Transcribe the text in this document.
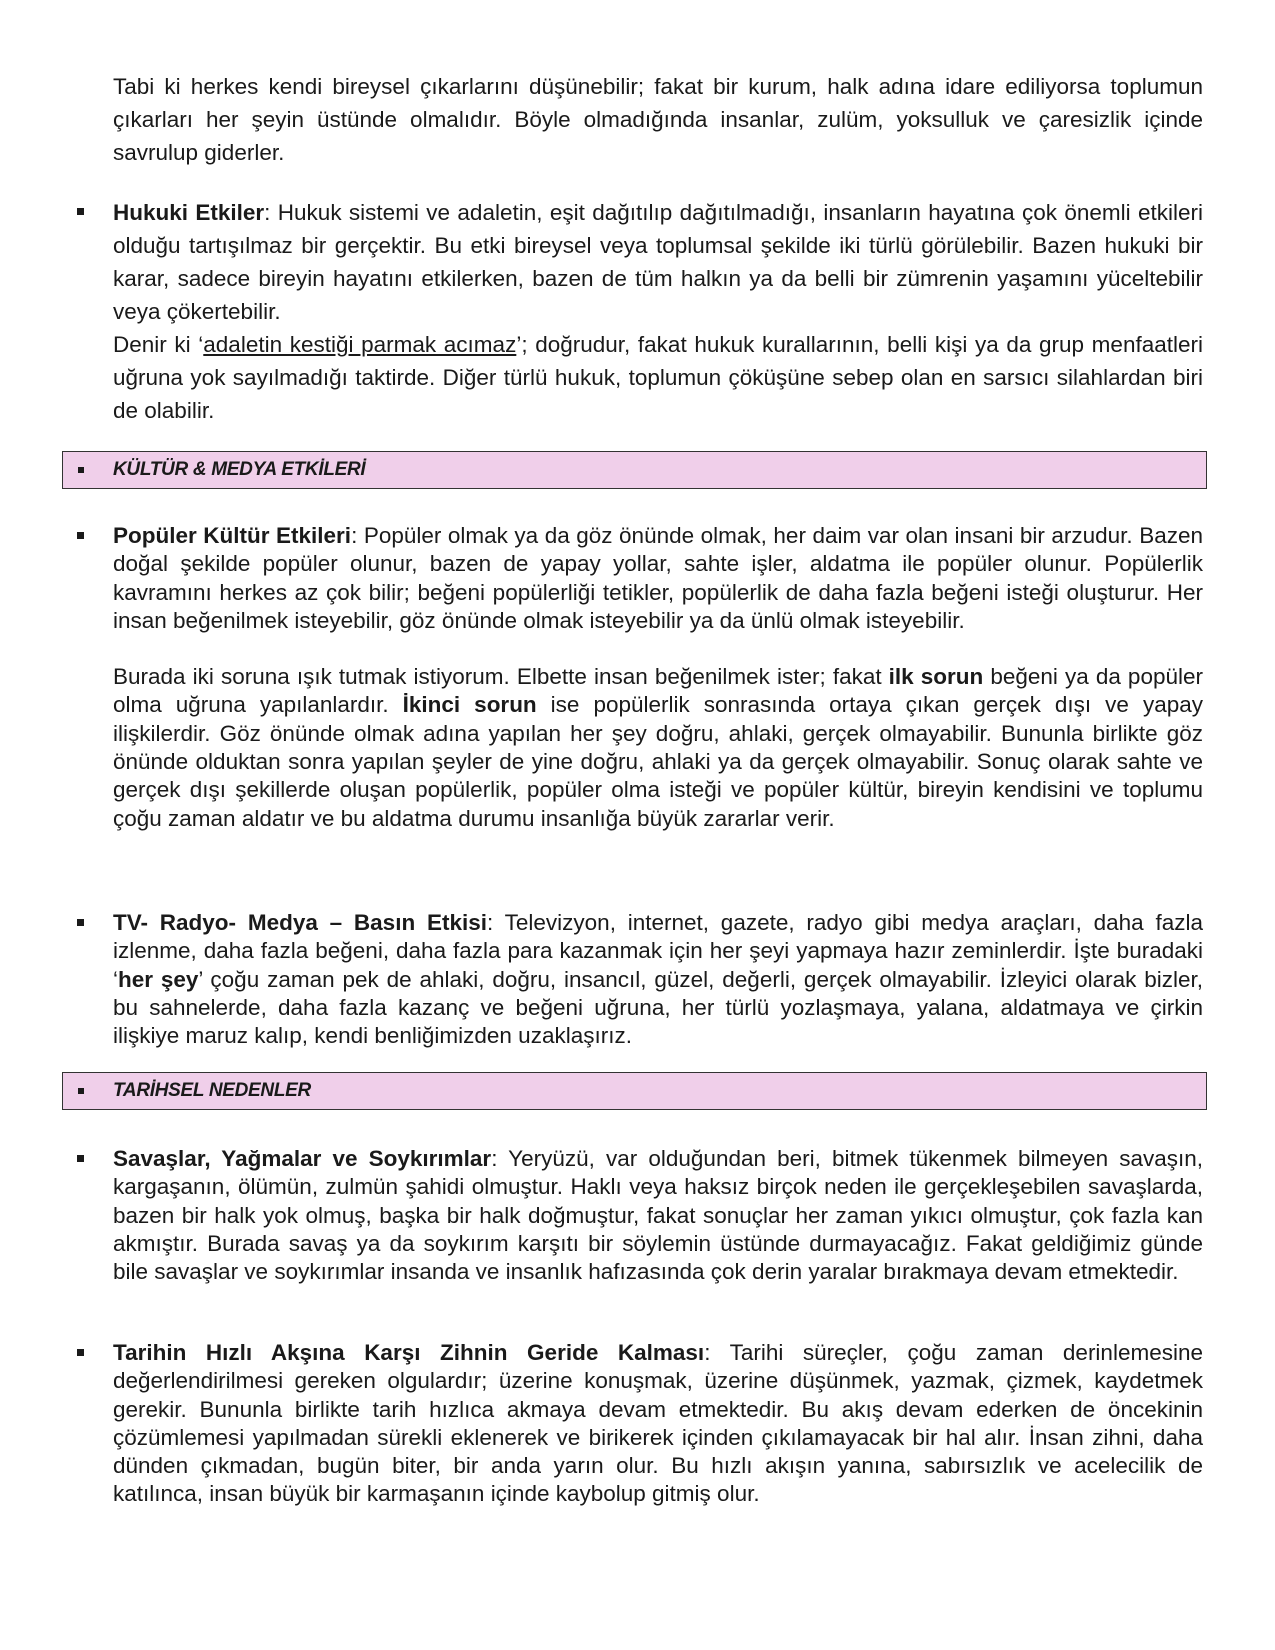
Tabi ki herkes kendi bireysel çıkarlarını düşünebilir; fakat bir kurum, halk adına idare ediliyorsa toplumun çıkarları her şeyin üstünde olmalıdır. Böyle olmadığında insanlar, zulüm, yoksulluk ve çaresizlik içinde savrulup giderler.

Hukuki Etkiler: Hukuk sistemi ve adaletin, eşit dağıtılıp dağıtılmadığı, insanların hayatına çok önemli etkileri olduğu tartışılmaz bir gerçektir. Bu etki bireysel veya toplumsal şekilde iki türlü görülebilir. Bazen hukuki bir karar, sadece bireyin hayatını etkilerken, bazen de tüm halkın ya da belli bir zümrenin yaşamını yüceltebilir veya çökertebilir.

Denir ki ‘adaletin kestiği parmak acımaz’; doğrudur, fakat hukuk kurallarının, belli kişi ya da grup menfaatleri uğruna yok sayılmadığı taktirde. Diğer türlü hukuk, toplumun çöküşüne sebep olan en sarsıcı silahlardan biri de olabilir.

KÜLTÜR & MEDYA ETKİLERİ

Popüler Kültür Etkileri: Popüler olmak ya da göz önünde olmak, her daim var olan insani bir arzudur. Bazen doğal şekilde popüler olunur, bazen de yapay yollar, sahte işler, aldatma ile popüler olunur. Popülerlik kavramını herkes az çok bilir; beğeni popülerliği tetikler, popülerlik de daha fazla beğeni isteği oluşturur. Her insan beğenilmek isteyebilir, göz önünde olmak isteyebilir ya da ünlü olmak isteyebilir.

Burada iki soruna ışık tutmak istiyorum. Elbette insan beğenilmek ister; fakat ilk sorun beğeni ya da popüler olma uğruna yapılanlardır. İkinci sorun ise popülerlik sonrasında ortaya çıkan gerçek dışı ve yapay ilişkilerdir. Göz önünde olmak adına yapılan her şey doğru, ahlaki, gerçek olmayabilir. Bununla birlikte göz önünde olduktan sonra yapılan şeyler de yine doğru, ahlaki ya da gerçek olmayabilir. Sonuç olarak sahte ve gerçek dışı şekillerde oluşan popülerlik, popüler olma isteği ve popüler kültür, bireyin kendisini ve toplumu çoğu zaman aldatır ve bu aldatma durumu insanlığa büyük zararlar verir.

TV- Radyo- Medya – Basın Etkisi: Televizyon, internet, gazete, radyo gibi medya araçları, daha fazla izlenme, daha fazla beğeni, daha fazla para kazanmak için her şeyi yapmaya hazır zeminlerdir. İşte buradaki ‘her şey’ çoğu zaman pek de ahlaki, doğru, insancıl, güzel, değerli, gerçek olmayabilir. İzleyici olarak bizler, bu sahnelerde, daha fazla kazanç ve beğeni uğruna, her türlü yozlaşmaya, yalana, aldatmaya ve çirkin ilişkiye maruz kalıp, kendi benliğimizden uzaklaşırız.

TARİHSEL NEDENLER

Savaşlar, Yağmalar ve Soykırımlar: Yeryüzü, var olduğundan beri, bitmek tükenmek bilmeyen savaşın, kargaşanın, ölümün, zulmün şahidi olmuştur. Haklı veya haksız birçok neden ile gerçekleşebilen savaşlarda, bazen bir halk yok olmuş, başka bir halk doğmuştur, fakat sonuçlar her zaman yıkıcı olmuştur, çok fazla kan akmıştır. Burada savaş ya da soykırım karşıtı bir söylemin üstünde durmayacağız. Fakat geldiğimiz günde bile savaşlar ve soykırımlar insanda ve insanlık hafızasında çok derin yaralar bırakmaya devam etmektedir.

Tarihin Hızlı Akşına Karşı Zihnin Geride Kalması: Tarihi süreçler, çoğu zaman derinlemesine değerlendirilmesi gereken olgulardır; üzerine konuşmak, üzerine düşünmek, yazmak, çizmek, kaydetmek gerekir. Bununla birlikte tarih hızlıca akmaya devam etmektedir. Bu akış devam ederken de öncekinin çözümlemesi yapılmadan sürekli eklenerek ve birikerek içinden çıkılamayacak bir hal alır. İnsan zihni, daha dünden çıkmadan, bugün biter, bir anda yarın olur. Bu hızlı akışın yanına, sabırsızlık ve acelecilik de katılınca, insan büyük bir karmaşanın içinde kaybolup gitmiş olur.
